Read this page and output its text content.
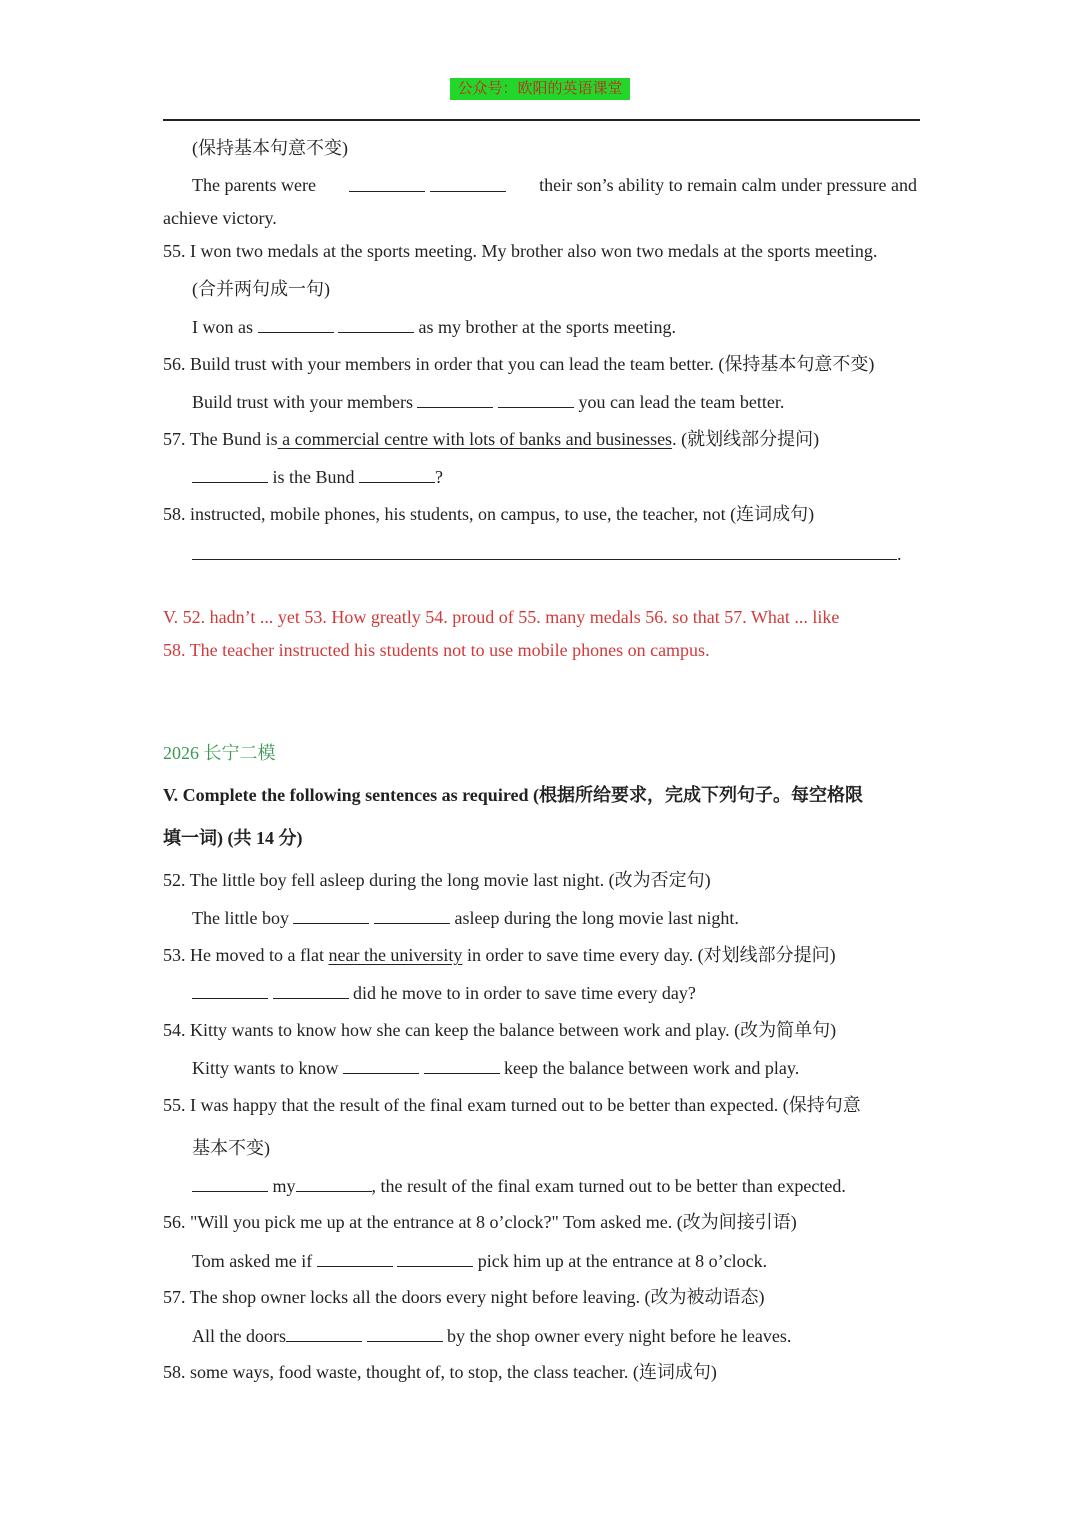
公众号：欧阳的英语课堂
(保持基本句意不变)
The parents were
	their son’s ability to remain calm under pressure and
achieve victory.
55. I won two medals at the sports meeting. My brother also won two medals at the sports meeting.
(合并两句成一句)
I won as	as my brother at the sports meeting.
56. Build trust with your members in order that you can lead the team better. (保持基本句意不变)
Build trust with your members	you can lead the team better.
57. The Bund is a commercial centre with lots of banks and businesses. (就划线部分提问)
is the Bund	?
58. instructed, mobile phones, his students, on campus, to use, the teacher, not (连词成句)
.
V. 52. hadn’t ... yet 53. How greatly 54. proud of 55. many medals 56. so that 57. What ... like
58. The teacher instructed his students not to use mobile phones on campus.
2026 长宁二模
V. Complete the following sentences as required (根据所给要求，完成下列句子。每空格限
填一词) (共 14 分)
52. The little boy fell asleep during the long movie last night. (改为否定句)
The little boy	asleep during the long movie last night.
53. He moved to a flat near the university in order to save time every day. (对划线部分提问)
did he move to in order to save time every day?
54. Kitty wants to know how she can keep the balance between work and play. (改为简单句)
Kitty wants to know	keep the balance between work and play.
55. I was happy that the result of the final exam turned out to be better than expected. (保持句意
基本不变)
my	, the result of the final exam turned out to be better than expected.
56. "Will you pick me up at the entrance at 8 o’clock?" Tom asked me. (改为间接引语)
Tom asked me if	pick him up at the entrance at 8 o’clock.
57. The shop owner locks all the doors every night before leaving. (改为被动语态)
All the doors	by the shop owner every night before he leaves.
58. some ways, food waste, thought of, to stop, the class teacher. (连词成句)
